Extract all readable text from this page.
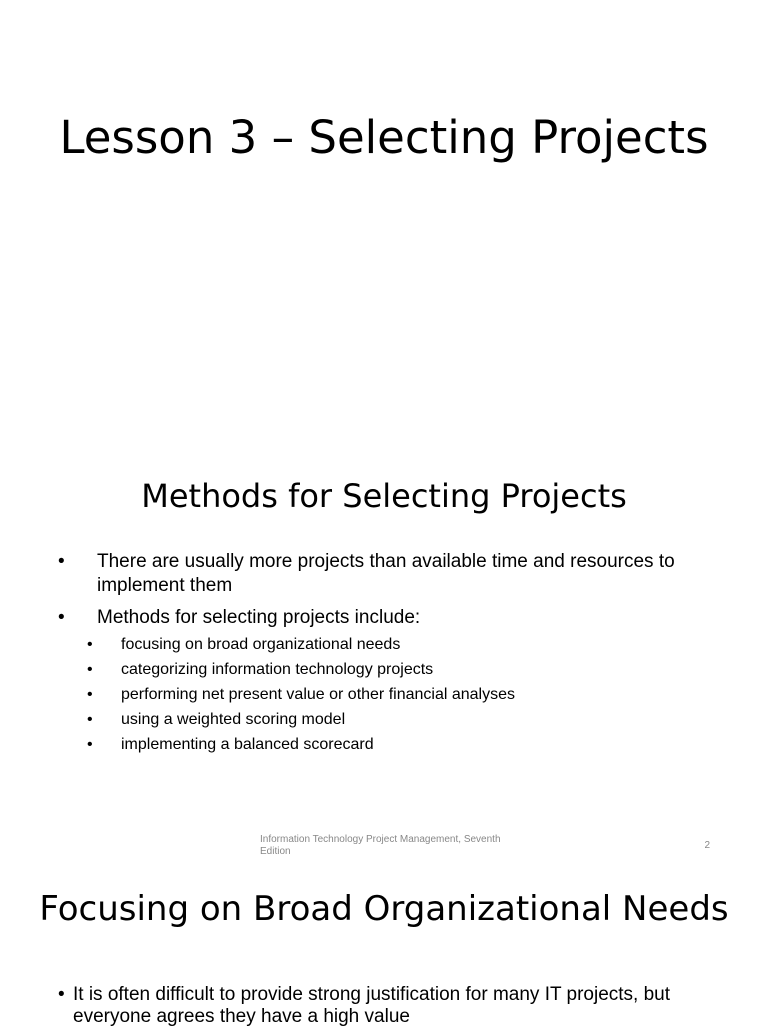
Lesson 3 – Selecting Projects
Methods for Selecting Projects
• There are usually more projects than available time and resources to implement them
• Methods for selecting projects include:
• focusing on broad organizational needs
• categorizing information technology projects
• performing net present value or other financial analyses
• using a weighted scoring model
• implementing a balanced scorecard
Information Technology Project Management, Seventh Edition
2
Focusing on Broad Organizational Needs
• It is often difficult to provide strong justification for many IT projects, but everyone agrees they have a high value
